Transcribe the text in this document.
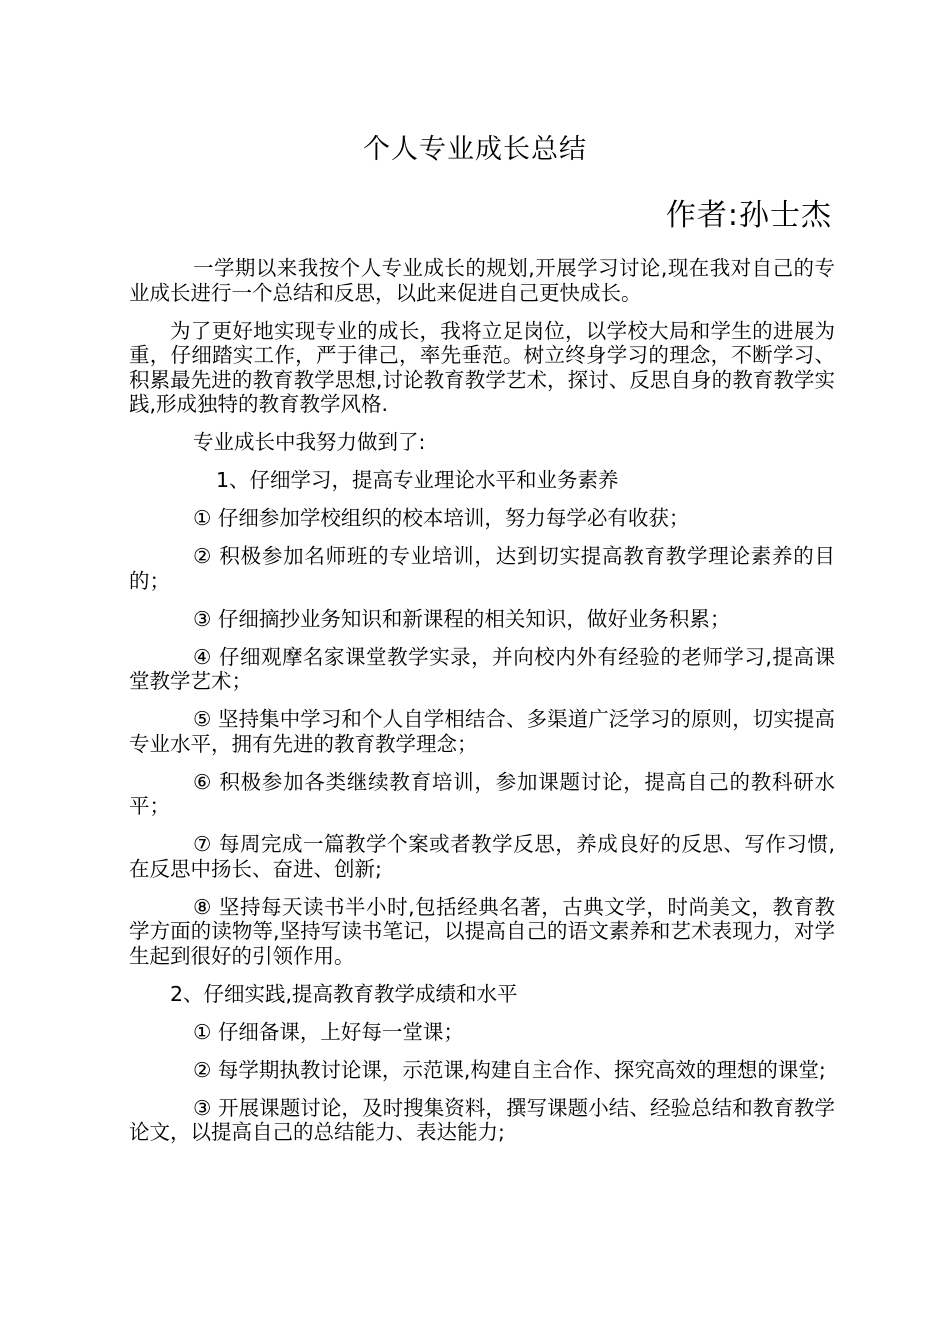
个人专业成长总结
作者:孙士杰

一学期以来我按个人专业成长的规划,开展学习讨论,现在我对自己的专业成长进行一个总结和反思，以此来促进自己更快成长。

为了更好地实现专业的成长，我将立足岗位，以学校大局和学生的进展为重，仔细踏实工作，严于律己，率先垂范。树立终身学习的理念，不断学习、积累最先进的教育教学思想,讨论教育教学艺术，探讨、反思自身的教育教学实践,形成独特的教育教学风格.

专业成长中我努力做到了:

1、仔细学习，提高专业理论水平和业务素养

① 仔细参加学校组织的校本培训，努力每学必有收获；

② 积极参加名师班的专业培训，达到切实提高教育教学理论素养的目的；

③ 仔细摘抄业务知识和新课程的相关知识，做好业务积累；

④ 仔细观摩名家课堂教学实录，并向校内外有经验的老师学习,提高课堂教学艺术；

⑤ 坚持集中学习和个人自学相结合、多渠道广泛学习的原则，切实提高专业水平，拥有先进的教育教学理念；

⑥ 积极参加各类继续教育培训，参加课题讨论，提高自己的教科研水平；

⑦ 每周完成一篇教学个案或者教学反思，养成良好的反思、写作习惯,在反思中扬长、奋进、创新;

⑧ 坚持每天读书半小时,包括经典名著，古典文学，时尚美文，教育教学方面的读物等,坚持写读书笔记，以提高自己的语文素养和艺术表现力，对学生起到很好的引领作用。

2、仔细实践,提高教育教学成绩和水平

① 仔细备课，上好每一堂课；

② 每学期执教讨论课，示范课,构建自主合作、探究高效的理想的课堂;

③ 开展课题讨论，及时搜集资料，撰写课题小结、经验总结和教育教学论文，以提高自己的总结能力、表达能力;
